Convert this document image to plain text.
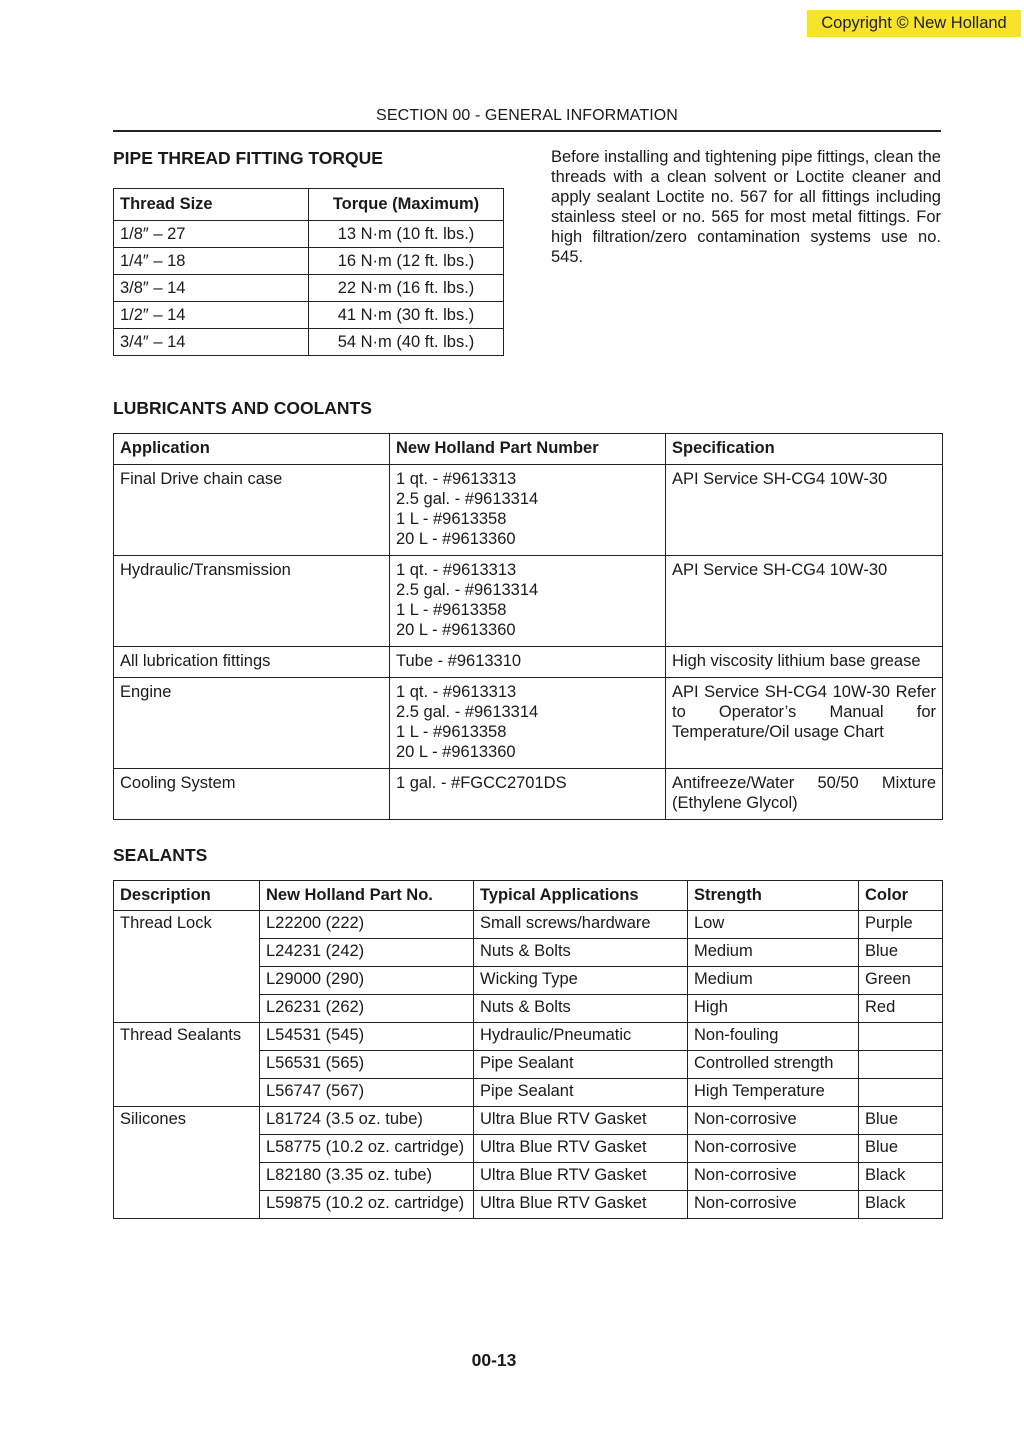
Copyright © New Holland
SECTION 00 - GENERAL INFORMATION
PIPE THREAD FITTING TORQUE
Thread Size	Torque (Maximum)
1/8″ – 27	13 N·m (10 ft. lbs.)
1/4″ – 18	16 N·m (12 ft. lbs.)
3/8″ – 14	22 N·m (16 ft. lbs.)
1/2″ – 14	41 N·m (30 ft. lbs.)
3/4″ – 14	54 N·m (40 ft. lbs.)
Before installing and tightening pipe fittings, clean the threads with a clean solvent or Loctite cleaner and apply sealant Loctite no. 567 for all fittings including stainless steel or no. 565 for most metal fittings. For high filtration/zero contamination systems use no. 545.
LUBRICANTS AND COOLANTS
Application	New Holland Part Number	Specification
Final Drive chain case	1 qt. - #9613313
2.5 gal. - #9613314
1 L - #9613358
20 L - #9613360	API Service SH-CG4 10W-30
Hydraulic/Transmission	1 qt. - #9613313
2.5 gal. - #9613314
1 L - #9613358
20 L - #9613360	API Service SH-CG4 10W-30
All lubrication fittings	Tube - #9613310	High viscosity lithium base grease
Engine	1 qt. - #9613313
2.5 gal. - #9613314
1 L - #9613358
20 L - #9613360	API Service SH-CG4 10W-30 Refer to Operator’s Manual for Temperature/Oil usage Chart
Cooling System	1 gal. - #FGCC2701DS	Antifreeze/Water 50/50 Mixture (Ethylene Glycol)
SEALANTS
Description	New Holland Part No.	Typical Applications	Strength	Color
Thread Lock	L22200 (222)	Small screws/hardware	Low	Purple
	L24231 (242)	Nuts & Bolts	Medium	Blue
	L29000 (290)	Wicking Type	Medium	Green
	L26231 (262)	Nuts & Bolts	High	Red
Thread Sealants	L54531 (545)	Hydraulic/Pneumatic	Non-fouling	
	L56531 (565)	Pipe Sealant	Controlled strength	
	L56747 (567)	Pipe Sealant	High Temperature	
Silicones	L81724 (3.5 oz. tube)	Ultra Blue RTV Gasket	Non-corrosive	Blue
	L58775 (10.2 oz. cartridge)	Ultra Blue RTV Gasket	Non-corrosive	Blue
	L82180 (3.35 oz. tube)	Ultra Blue RTV Gasket	Non-corrosive	Black
	L59875 (10.2 oz. cartridge)	Ultra Blue RTV Gasket	Non-corrosive	Black
00-13
